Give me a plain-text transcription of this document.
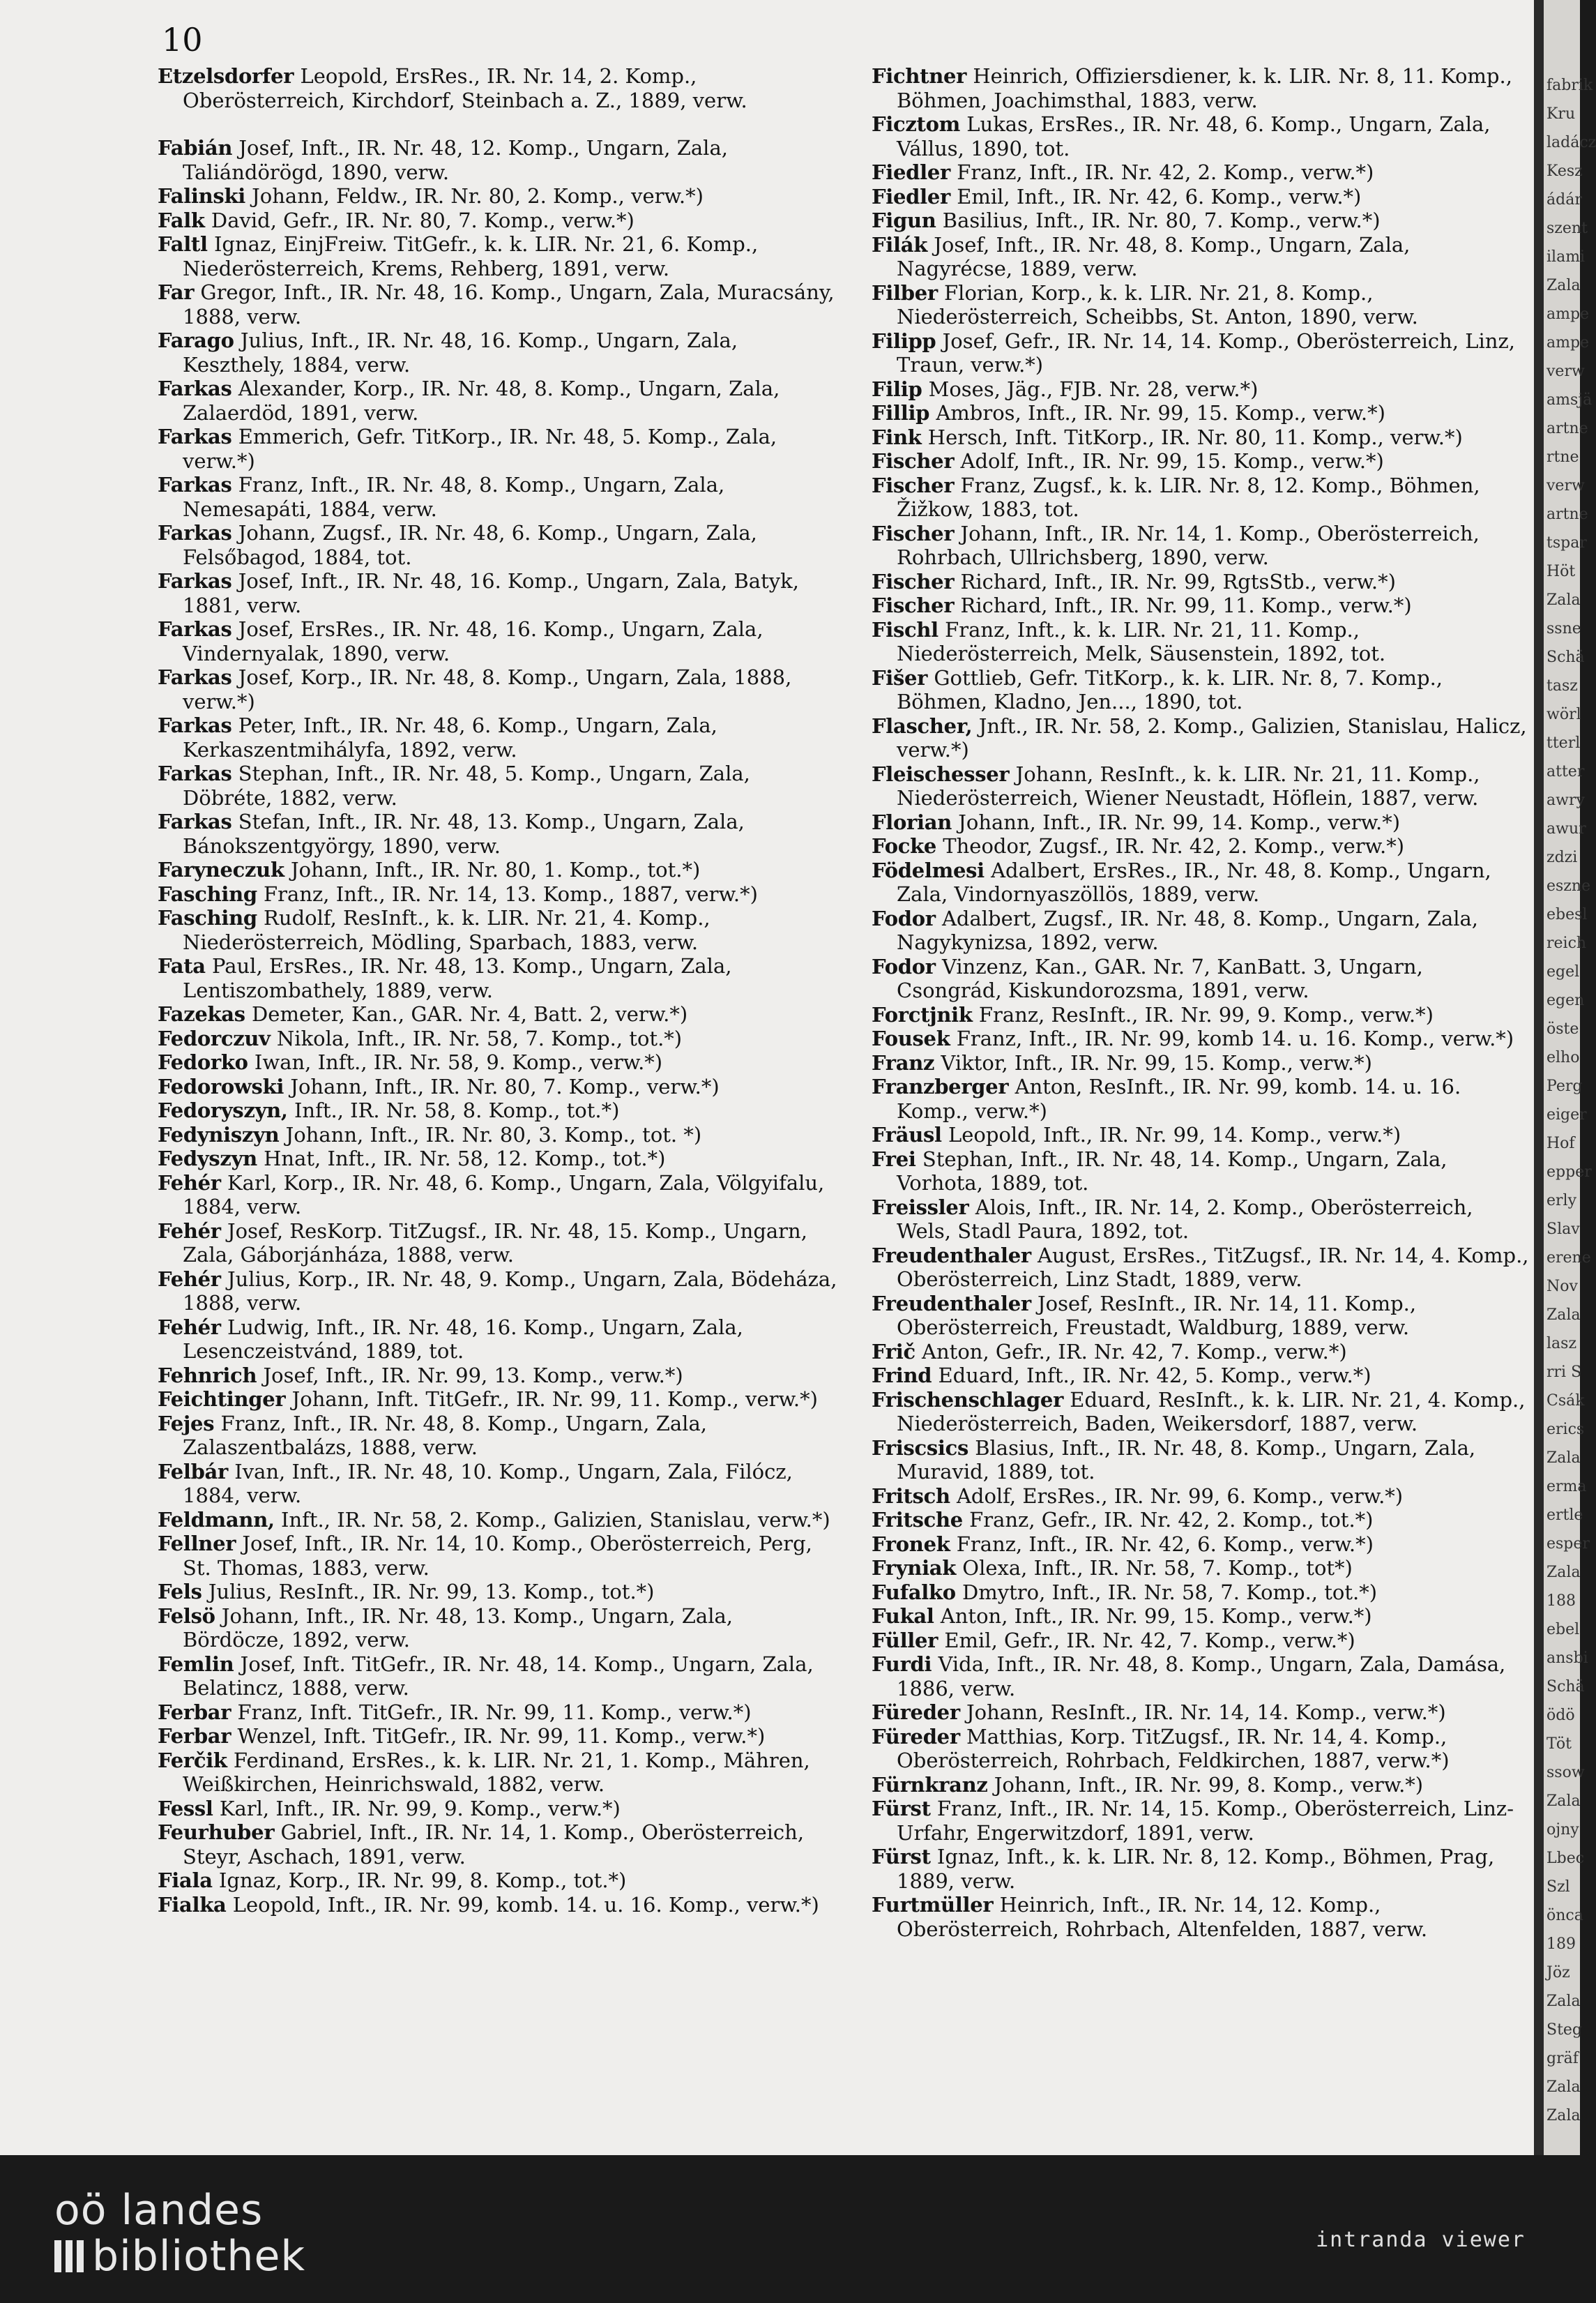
10

Etzelsdorfer Leopold, ErsRes., IR. Nr. 14, 2. Komp., Oberösterreich, Kirchdorf, Steinbach a. Z., 1889, verw.

Fabián Josef, Inft., IR. Nr. 48, 12. Komp., Ungarn, Zala, Taliándörögd, 1890, verw.

Falinski Johann, Feldw., IR. Nr. 80, 2. Komp., verw.*)

Falk David, Gefr., IR. Nr. 80, 7. Komp., verw.*)

Faltl Ignaz, EinjFreiw. TitGefr., k. k. LIR. Nr. 21, 6. Komp., Niederösterreich, Krems, Rehberg, 1891, verw.

Far Gregor, Inft., IR. Nr. 48, 16. Komp., Ungarn, Zala, Muracsány, 1888, verw.

Farago Julius, Inft., IR. Nr. 48, 16. Komp., Ungarn, Zala, Keszthely, 1884, verw.

Farkas Alexander, Korp., IR. Nr. 48, 8. Komp., Ungarn, Zala, Zalaerdöd, 1891, verw.

Farkas Emmerich, Gefr. TitKorp., IR. Nr. 48, 5. Komp., Zala, verw.*)

Farkas Franz, Inft., IR. Nr. 48, 8. Komp., Ungarn, Zala, Nemesapáti, 1884, verw.

Farkas Johann, Zugsf., IR. Nr. 48, 6. Komp., Ungarn, Zala, Felsőbagod, 1884, tot.

Farkas Josef, Inft., IR. Nr. 48, 16. Komp., Ungarn, Zala, Batyk, 1881, verw.

Farkas Josef, ErsRes., IR. Nr. 48, 16. Komp., Ungarn, Zala, Vindernyalak, 1890, verw.

Farkas Josef, Korp., IR. Nr. 48, 8. Komp., Ungarn, Zala, 1888, verw.*)

Farkas Peter, Inft., IR. Nr. 48, 6. Komp., Ungarn, Zala, Kerkaszentmihályfa, 1892, verw.

Farkas Stephan, Inft., IR. Nr. 48, 5. Komp., Ungarn, Zala, Döbréte, 1882, verw.

Farkas Stefan, Inft., IR. Nr. 48, 13. Komp., Ungarn, Zala, Bánokszentgyörgy, 1890, verw.

Faryneczuk Johann, Inft., IR. Nr. 80, 1. Komp., tot.*)

Fasching Franz, Inft., IR. Nr. 14, 13. Komp., 1887, verw.*)

Fasching Rudolf, ResInft., k. k. LIR. Nr. 21, 4. Komp., Niederösterreich, Mödling, Sparbach, 1883, verw.

Fata Paul, ErsRes., IR. Nr. 48, 13. Komp., Ungarn, Zala, Lentiszombathely, 1889, verw.

Fazekas Demeter, Kan., GAR. Nr. 4, Batt. 2, verw.*)

Fedorczuv Nikola, Inft., IR. Nr. 58, 7. Komp., tot.*)

Fedorko Iwan, Inft., IR. Nr. 58, 9. Komp., verw.*)

Fedorowski Johann, Inft., IR. Nr. 80, 7. Komp., verw.*)

Fedoryszyn, Inft., IR. Nr. 58, 8. Komp., tot.*)

Fedyniszyn Johann, Inft., IR. Nr. 80, 3. Komp., tot. *)

Fedyszyn Hnat, Inft., IR. Nr. 58, 12. Komp., tot.*)

Fehér Karl, Korp., IR. Nr. 48, 6. Komp., Ungarn, Zala, Völgyifalu, 1884, verw.

Fehér Josef, ResKorp. TitZugsf., IR. Nr. 48, 15. Komp., Ungarn, Zala, Gáborjánháza, 1888, verw.

Fehér Julius, Korp., IR. Nr. 48, 9. Komp., Ungarn, Zala, Bödeháza, 1888, verw.

Fehér Ludwig, Inft., IR. Nr. 48, 16. Komp., Ungarn, Zala, Lesenczeistvánd, 1889, tot.

Fehnrich Josef, Inft., IR. Nr. 99, 13. Komp., verw.*)

Feichtinger Johann, Inft. TitGefr., IR. Nr. 99, 11. Komp., verw.*)

Fejes Franz, Inft., IR. Nr. 48, 8. Komp., Ungarn, Zala, Zalaszentbalázs, 1888, verw.

Felbár Ivan, Inft., IR. Nr. 48, 10. Komp., Ungarn, Zala, Filócz, 1884, verw.

Feldmann, Inft., IR. Nr. 58, 2. Komp., Galizien, Stanislau, verw.*)

Fellner Josef, Inft., IR. Nr. 14, 10. Komp., Oberösterreich, Perg, St. Thomas, 1883, verw.

Fels Julius, ResInft., IR. Nr. 99, 13. Komp., tot.*)

Felsö Johann, Inft., IR. Nr. 48, 13. Komp., Ungarn, Zala, Bördöcze, 1892, verw.

Femlin Josef, Inft. TitGefr., IR. Nr. 48, 14. Komp., Ungarn, Zala, Belatincz, 1888, verw.

Ferbar Franz, Inft. TitGefr., IR. Nr. 99, 11. Komp., verw.*)

Ferbar Wenzel, Inft. TitGefr., IR. Nr. 99, 11. Komp., verw.*)

Ferčik Ferdinand, ErsRes., k. k. LIR. Nr. 21, 1. Komp., Mähren, Weißkirchen, Heinrichswald, 1882, verw.

Fessl Karl, Inft., IR. Nr. 99, 9. Komp., verw.*)

Feurhuber Gabriel, Inft., IR. Nr. 14, 1. Komp., Oberösterreich, Steyr, Aschach, 1891, verw.

Fiala Ignaz, Korp., IR. Nr. 99, 8. Komp., tot.*)

Fialka Leopold, Inft., IR. Nr. 99, komb. 14. u. 16. Komp., verw.*)

Fichtner Heinrich, Offiziersdiener, k. k. LIR. Nr. 8, 11. Komp., Böhmen, Joachimsthal, 1883, verw.

Ficztom Lukas, ErsRes., IR. Nr. 48, 6. Komp., Ungarn, Zala, Vállus, 1890, tot.

Fiedler Franz, Inft., IR. Nr. 42, 2. Komp., verw.*)

Fiedler Emil, Inft., IR. Nr. 42, 6. Komp., verw.*)

Figun Basilius, Inft., IR. Nr. 80, 7. Komp., verw.*)

Filák Josef, Inft., IR. Nr. 48, 8. Komp., Ungarn, Zala, Nagyrécse, 1889, verw.

Filber Florian, Korp., k. k. LIR. Nr. 21, 8. Komp., Niederösterreich, Scheibbs, St. Anton, 1890, verw.

Filipp Josef, Gefr., IR. Nr. 14, 14. Komp., Oberösterreich, Linz, Traun, verw.*)

Filip Moses, Jäg., FJB. Nr. 28, verw.*)

Fillip Ambros, Inft., IR. Nr. 99, 15. Komp., verw.*)

Fink Hersch, Inft. TitKorp., IR. Nr. 80, 11. Komp., verw.*)

Fischer Adolf, Inft., IR. Nr. 99, 15. Komp., verw.*)

Fischer Franz, Zugsf., k. k. LIR. Nr. 8, 12. Komp., Böhmen, Žižkow, 1883, tot.

Fischer Johann, Inft., IR. Nr. 14, 1. Komp., Oberösterreich, Rohrbach, Ullrichsberg, 1890, verw.

Fischer Richard, Inft., IR. Nr. 99, RgtsStb., verw.*)

Fischer Richard, Inft., IR. Nr. 99, 11. Komp., verw.*)

Fischl Franz, Inft., k. k. LIR. Nr. 21, 11. Komp., Niederösterreich, Melk, Säusenstein, 1892, tot.

Fišer Gottlieb, Gefr. TitKorp., k. k. LIR. Nr. 8, 7. Komp., Böhmen, Kladno, Jen..., 1890, tot.

Flascher, Jnft., IR. Nr. 58, 2. Komp., Galizien, Stanislau, Halicz, verw.*)

Fleischesser Johann, ResInft., k. k. LIR. Nr. 21, 11. Komp., Niederösterreich, Wiener Neustadt, Höflein, 1887, verw.

Florian Johann, Inft., IR. Nr. 99, 14. Komp., verw.*)

Focke Theodor, Zugsf., IR. Nr. 42, 2. Komp., verw.*)

Födelmesi Adalbert, ErsRes., IR., Nr. 48, 8. Komp., Ungarn, Zala, Vindornyaszöllös, 1889, verw.

Fodor Adalbert, Zugsf., IR. Nr. 48, 8. Komp., Ungarn, Zala, Nagykynizsa, 1892, verw.

Fodor Vinzenz, Kan., GAR. Nr. 7, KanBatt. 3, Ungarn, Csongrád, Kiskundorozsma, 1891, verw.

Forctjnik Franz, ResInft., IR. Nr. 99, 9. Komp., verw.*)

Fousek Franz, Inft., IR. Nr. 99, komb 14. u. 16. Komp., verw.*)

Franz Viktor, Inft., IR. Nr. 99, 15. Komp., verw.*)

Franzberger Anton, ResInft., IR. Nr. 99, komb. 14. u. 16. Komp., verw.*)

Fräusl Leopold, Inft., IR. Nr. 99, 14. Komp., verw.*)

Frei Stephan, Inft., IR. Nr. 48, 14. Komp., Ungarn, Zala, Vorhota, 1889, tot.

Freissler Alois, Inft., IR. Nr. 14, 2. Komp., Oberösterreich, Wels, Stadl Paura, 1892, tot.

Freudenthaler August, ErsRes., TitZugsf., IR. Nr. 14, 4. Komp., Oberösterreich, Linz Stadt, 1889, verw.

Freudenthaler Josef, ResInft., IR. Nr. 14, 11. Komp., Oberösterreich, Freustadt, Waldburg, 1889, verw.

Frič Anton, Gefr., IR. Nr. 42, 7. Komp., verw.*)

Frind Eduard, Inft., IR. Nr. 42, 5. Komp., verw.*)

Frischenschlager Eduard, ResInft., k. k. LIR. Nr. 21, 4. Komp., Niederösterreich, Baden, Weikersdorf, 1887, verw.

Friscsics Blasius, Inft., IR. Nr. 48, 8. Komp., Ungarn, Zala, Muravid, 1889, tot.

Fritsch Adolf, ErsRes., IR. Nr. 99, 6. Komp., verw.*)

Fritsche Franz, Gefr., IR. Nr. 42, 2. Komp., tot.*)

Fronek Franz, Inft., IR. Nr. 42, 6. Komp., verw.*)

Fryniak Olexa, Inft., IR. Nr. 58, 7. Komp., tot*)

Fufalko Dmytro, Inft., IR. Nr. 58, 7. Komp., tot.*)

Fukal Anton, Inft., IR. Nr. 99, 15. Komp., verw.*)

Füller Emil, Gefr., IR. Nr. 42, 7. Komp., verw.*)

Furdi Vida, Inft., IR. Nr. 48, 8. Komp., Ungarn, Zala, Damása, 1886, verw.

Füreder Johann, ResInft., IR. Nr. 14, 14. Komp., verw.*)

Füreder Matthias, Korp. TitZugsf., IR. Nr. 14, 4. Komp., Oberösterreich, Rohrbach, Feldkirchen, 1887, verw.*)

Fürnkranz Johann, Inft., IR. Nr. 99, 8. Komp., verw.*)

Fürst Franz, Inft., IR. Nr. 14, 15. Komp., Oberösterreich, Linz-Urfahr, Engerwitzdorf, 1891, verw.

Fürst Ignaz, Inft., k. k. LIR. Nr. 8, 12. Komp., Böhmen, Prag, 1889, verw.

Furtmüller Heinrich, Inft., IR. Nr. 14, 12. Komp., Oberösterreich, Rohrbach, Altenfelden, 1887, verw.

fabrik
Kru
ladácz
Kesz
ádár
szent
ilami
Zala
ampe
ampe
verw
amsjä
artne
rtne
verw
artne
tspar
Höt
Zala
ssne
Schä
tasz
wörl
tterl
atter
awry
awur
zdzi
eszne
ebesl
reich
egel
egen
öste
elho
Perg
eiger
Hof
epper
erly
Slav
erene
Nov
Zala
lasz
rri S
Csák
erics
Zala
erma
ertle
esper
Zala
188
ebel
ansbi
Schä
ödö
Töt
ssow
Zala
ojny
Lbec
Szl
önca
189
Jöz
Zala
Steg
gräf
Zala
Zala
oö landes
bibliothek	intranda viewer
